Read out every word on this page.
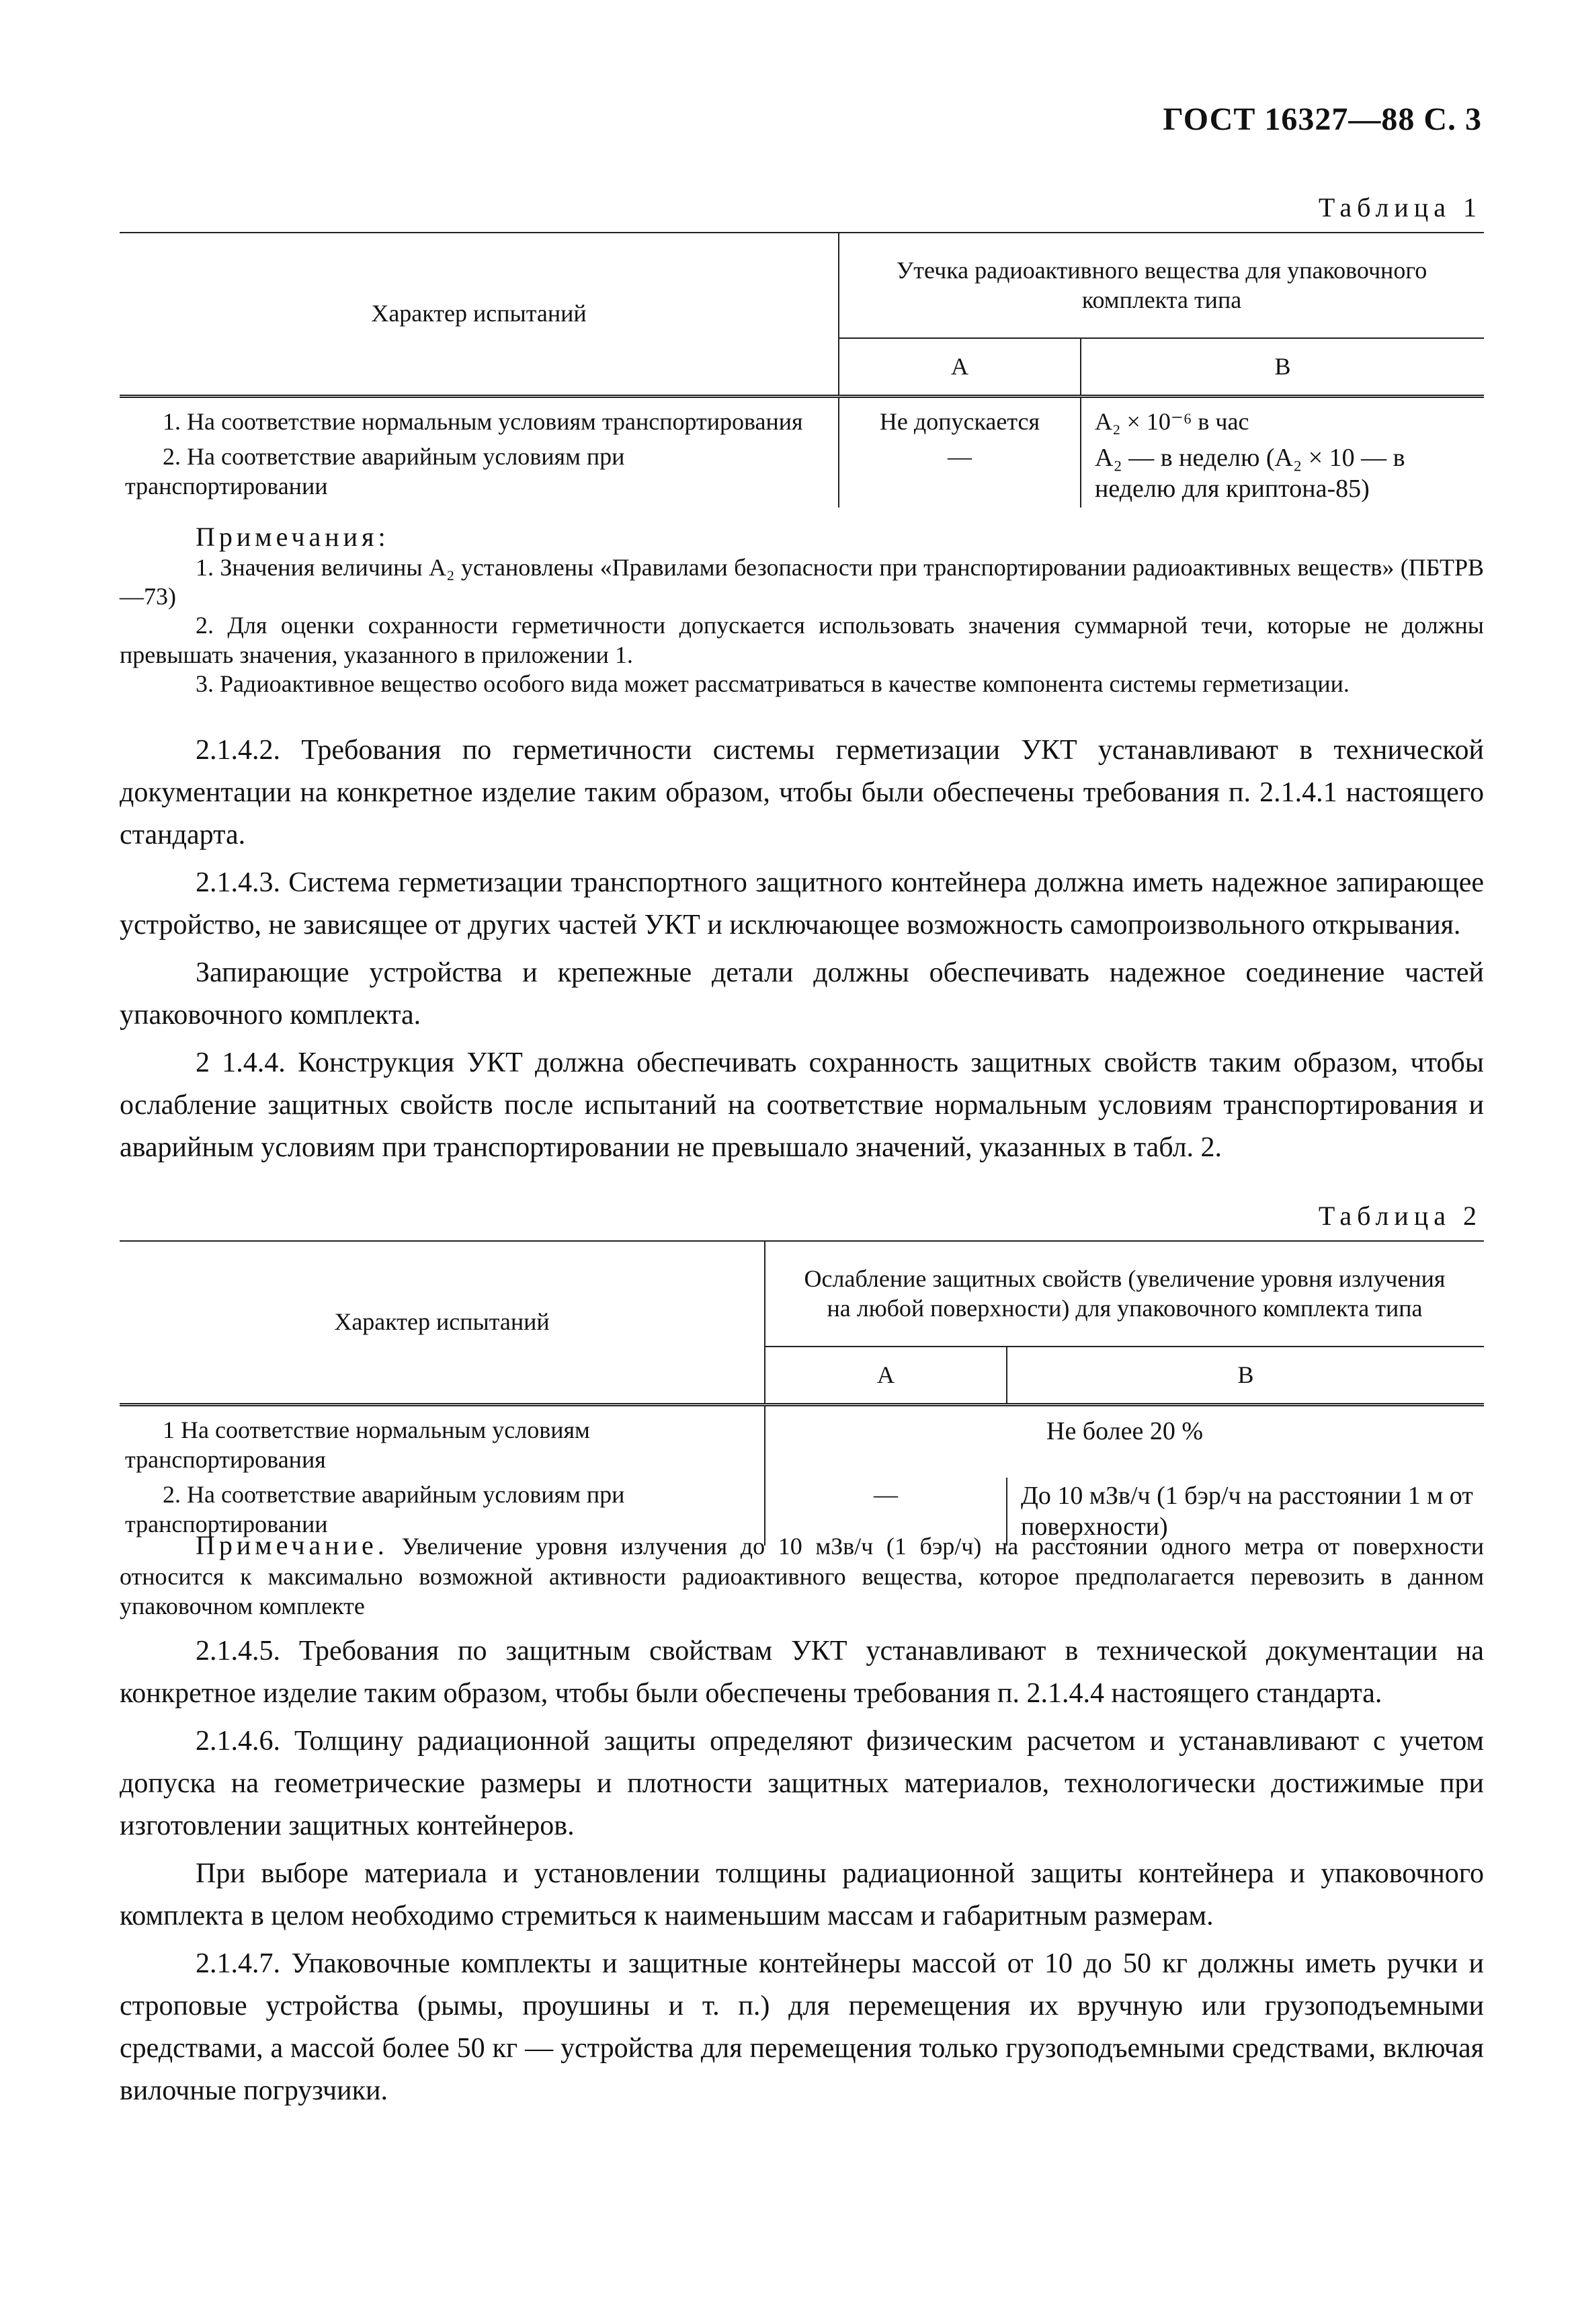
ГОСТ 16327—88 С. 3
Таблица 1
Характер испытаний	Утечка радиоактивного вещества для упаковочного комплекта типа	
	А	В
1. На соответствие нормальным условиям транспортирования	Не допускается	A₂ × 10⁻⁶ в час
2. На соответствие аварийным условиям при транспортировании	—	A₂ — в неделю (A₂ × 10 — в неделю для криптона-85)

Примечания:

1. Значения величины A₂ установлены «Правилами безопасности при транспортировании радиоактивных веществ» (ПБТРВ—73)

2. Для оценки сохранности герметичности допускается использовать значения суммарной течи, которые не должны превышать значения, указанного в приложении 1.

3. Радиоактивное вещество особого вида может рассматриваться в качестве компонента системы герметизации.

2.1.4.2. Требования по герметичности системы герметизации УКТ устанавливают в технической документации на конкретное изделие таким образом, чтобы были обеспечены требования п. 2.1.4.1 настоящего стандарта.

2.1.4.3. Система герметизации транспортного защитного контейнера должна иметь надежное запирающее устройство, не зависящее от других частей УКТ и исключающее возможность самопроизвольного открывания.

Запирающие устройства и крепежные детали должны обеспечивать надежное соединение частей упаковочного комплекта.

2 1.4.4. Конструкция УКТ должна обеспечивать сохранность защитных свойств таким образом, чтобы ослабление защитных свойств после испытаний на соответствие нормальным условиям транспортирования и аварийным условиям при транспортировании не превышало значений, указанных в табл. 2.

Таблица 2
Характер испытаний	Ослабление защитных свойств (увеличение уровня излучения на любой поверхности) для упаковочного комплекта типа	
	А	В
1 На соответствие нормальным условиям транспортирования	Не более 20 %	
2. На соответствие аварийным условиям при транспортировании	—	До 10 мЗв/ч (1 бэр/ч на расстоянии 1 м от поверхности)
Примечание. Увеличение уровня излучения до 10 мЗв/ч (1 бэр/ч) на расстоянии одного метра от поверхности относится к максимально возможной активности радиоактивного вещества, которое предполагается перевозить в данном упаковочном комплекте

2.1.4.5. Требования по защитным свойствам УКТ устанавливают в технической документации на конкретное изделие таким образом, чтобы были обеспечены требования п. 2.1.4.4 настоящего стандарта.

2.1.4.6. Толщину радиационной защиты определяют физическим расчетом и устанавливают с учетом допуска на геометрические размеры и плотности защитных материалов, технологически достижимые при изготовлении защитных контейнеров.

При выборе материала и установлении толщины радиационной защиты контейнера и упаковочного комплекта в целом необходимо стремиться к наименьшим массам и габаритным размерам.

2.1.4.7. Упаковочные комплекты и защитные контейнеры массой от 10 до 50 кг должны иметь ручки и строповые устройства (рымы, проушины и т. п.) для перемещения их вручную или грузоподъемными средствами, а массой более 50 кг — устройства для перемещения только грузоподъемными средствами, включая вилочные погрузчики.
